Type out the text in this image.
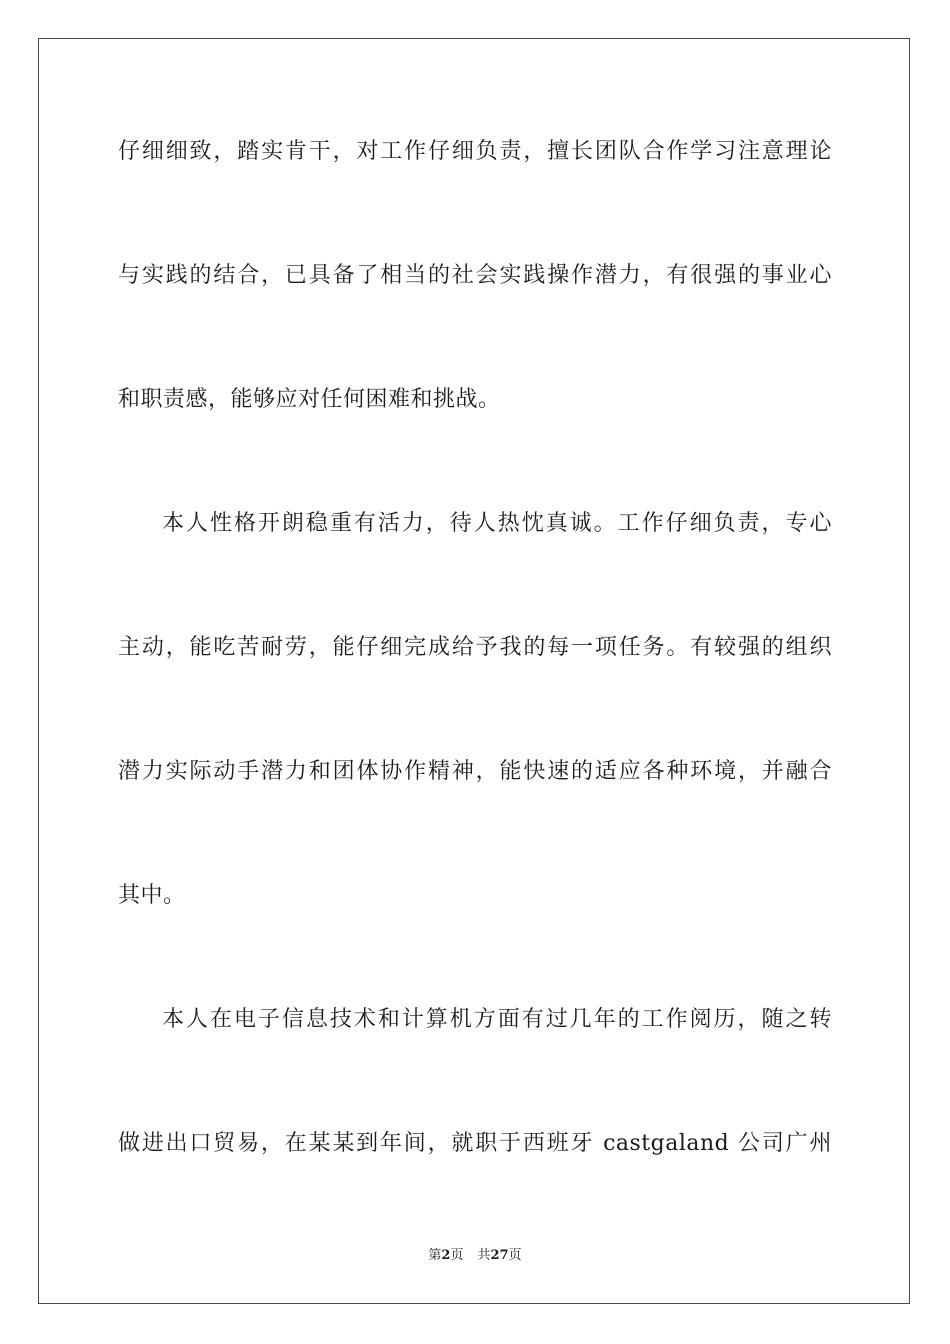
仔细细致，踏实肯干，对工作仔细负责，擅长团队合作学习注意理论
与实践的结合，已具备了相当的社会实践操作潜力，有很强的事业心
和职责感，能够应对任何困难和挑战。
本人性格开朗稳重有活力，待人热忱真诚。工作仔细负责，专心
主动，能吃苦耐劳，能仔细完成给予我的每一项任务。有较强的组织
潜力实际动手潜力和团体协作精神，能快速的适应各种环境，并融合
其中。
本人在电子信息技术和计算机方面有过几年的工作阅历，随之转
做进出口贸易，在某某到年间，就职于西班牙 castgaland 公司广州
第2页 共27页
